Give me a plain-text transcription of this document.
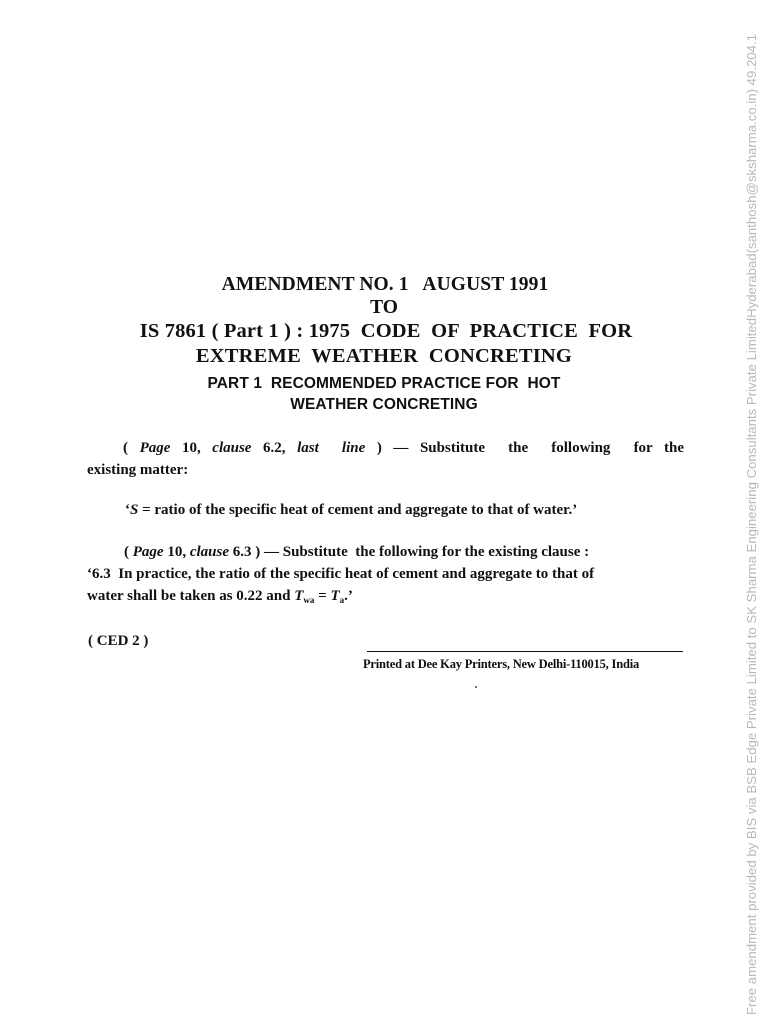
AMENDMENT NO. 1   AUGUST 1991
TO
IS 7861 ( Part 1 ) : 1975  CODE  OF  PRACTICE  FOR
EXTREME  WEATHER  CONCRETING
PART 1  RECOMMENDED PRACTICE FOR  HOT
WEATHER CONCRETING
( Page 10, clause 6.2, last  line ) — Substitute  the  following  for the
existing matter:
‘S = ratio of the specific heat of cement and aggregate to that of water.’
( Page 10, clause 6.3 ) — Substitute  the following for the existing clause :
‘6.3  In practice, the ratio of the specific heat of cement and aggregate to that of
water shall be taken as 0.22 and $T_{wa} = T_a$.’
( CED 2 )
Printed at Dee Kay Printers, New Delhi-110015, India	Free amendment provided by BIS via BSB Edge Private Limited to SK Sharma Engineering Consultants Private LimitedHyderabad(santhosh@sksharma.co.in) 49.204.1
